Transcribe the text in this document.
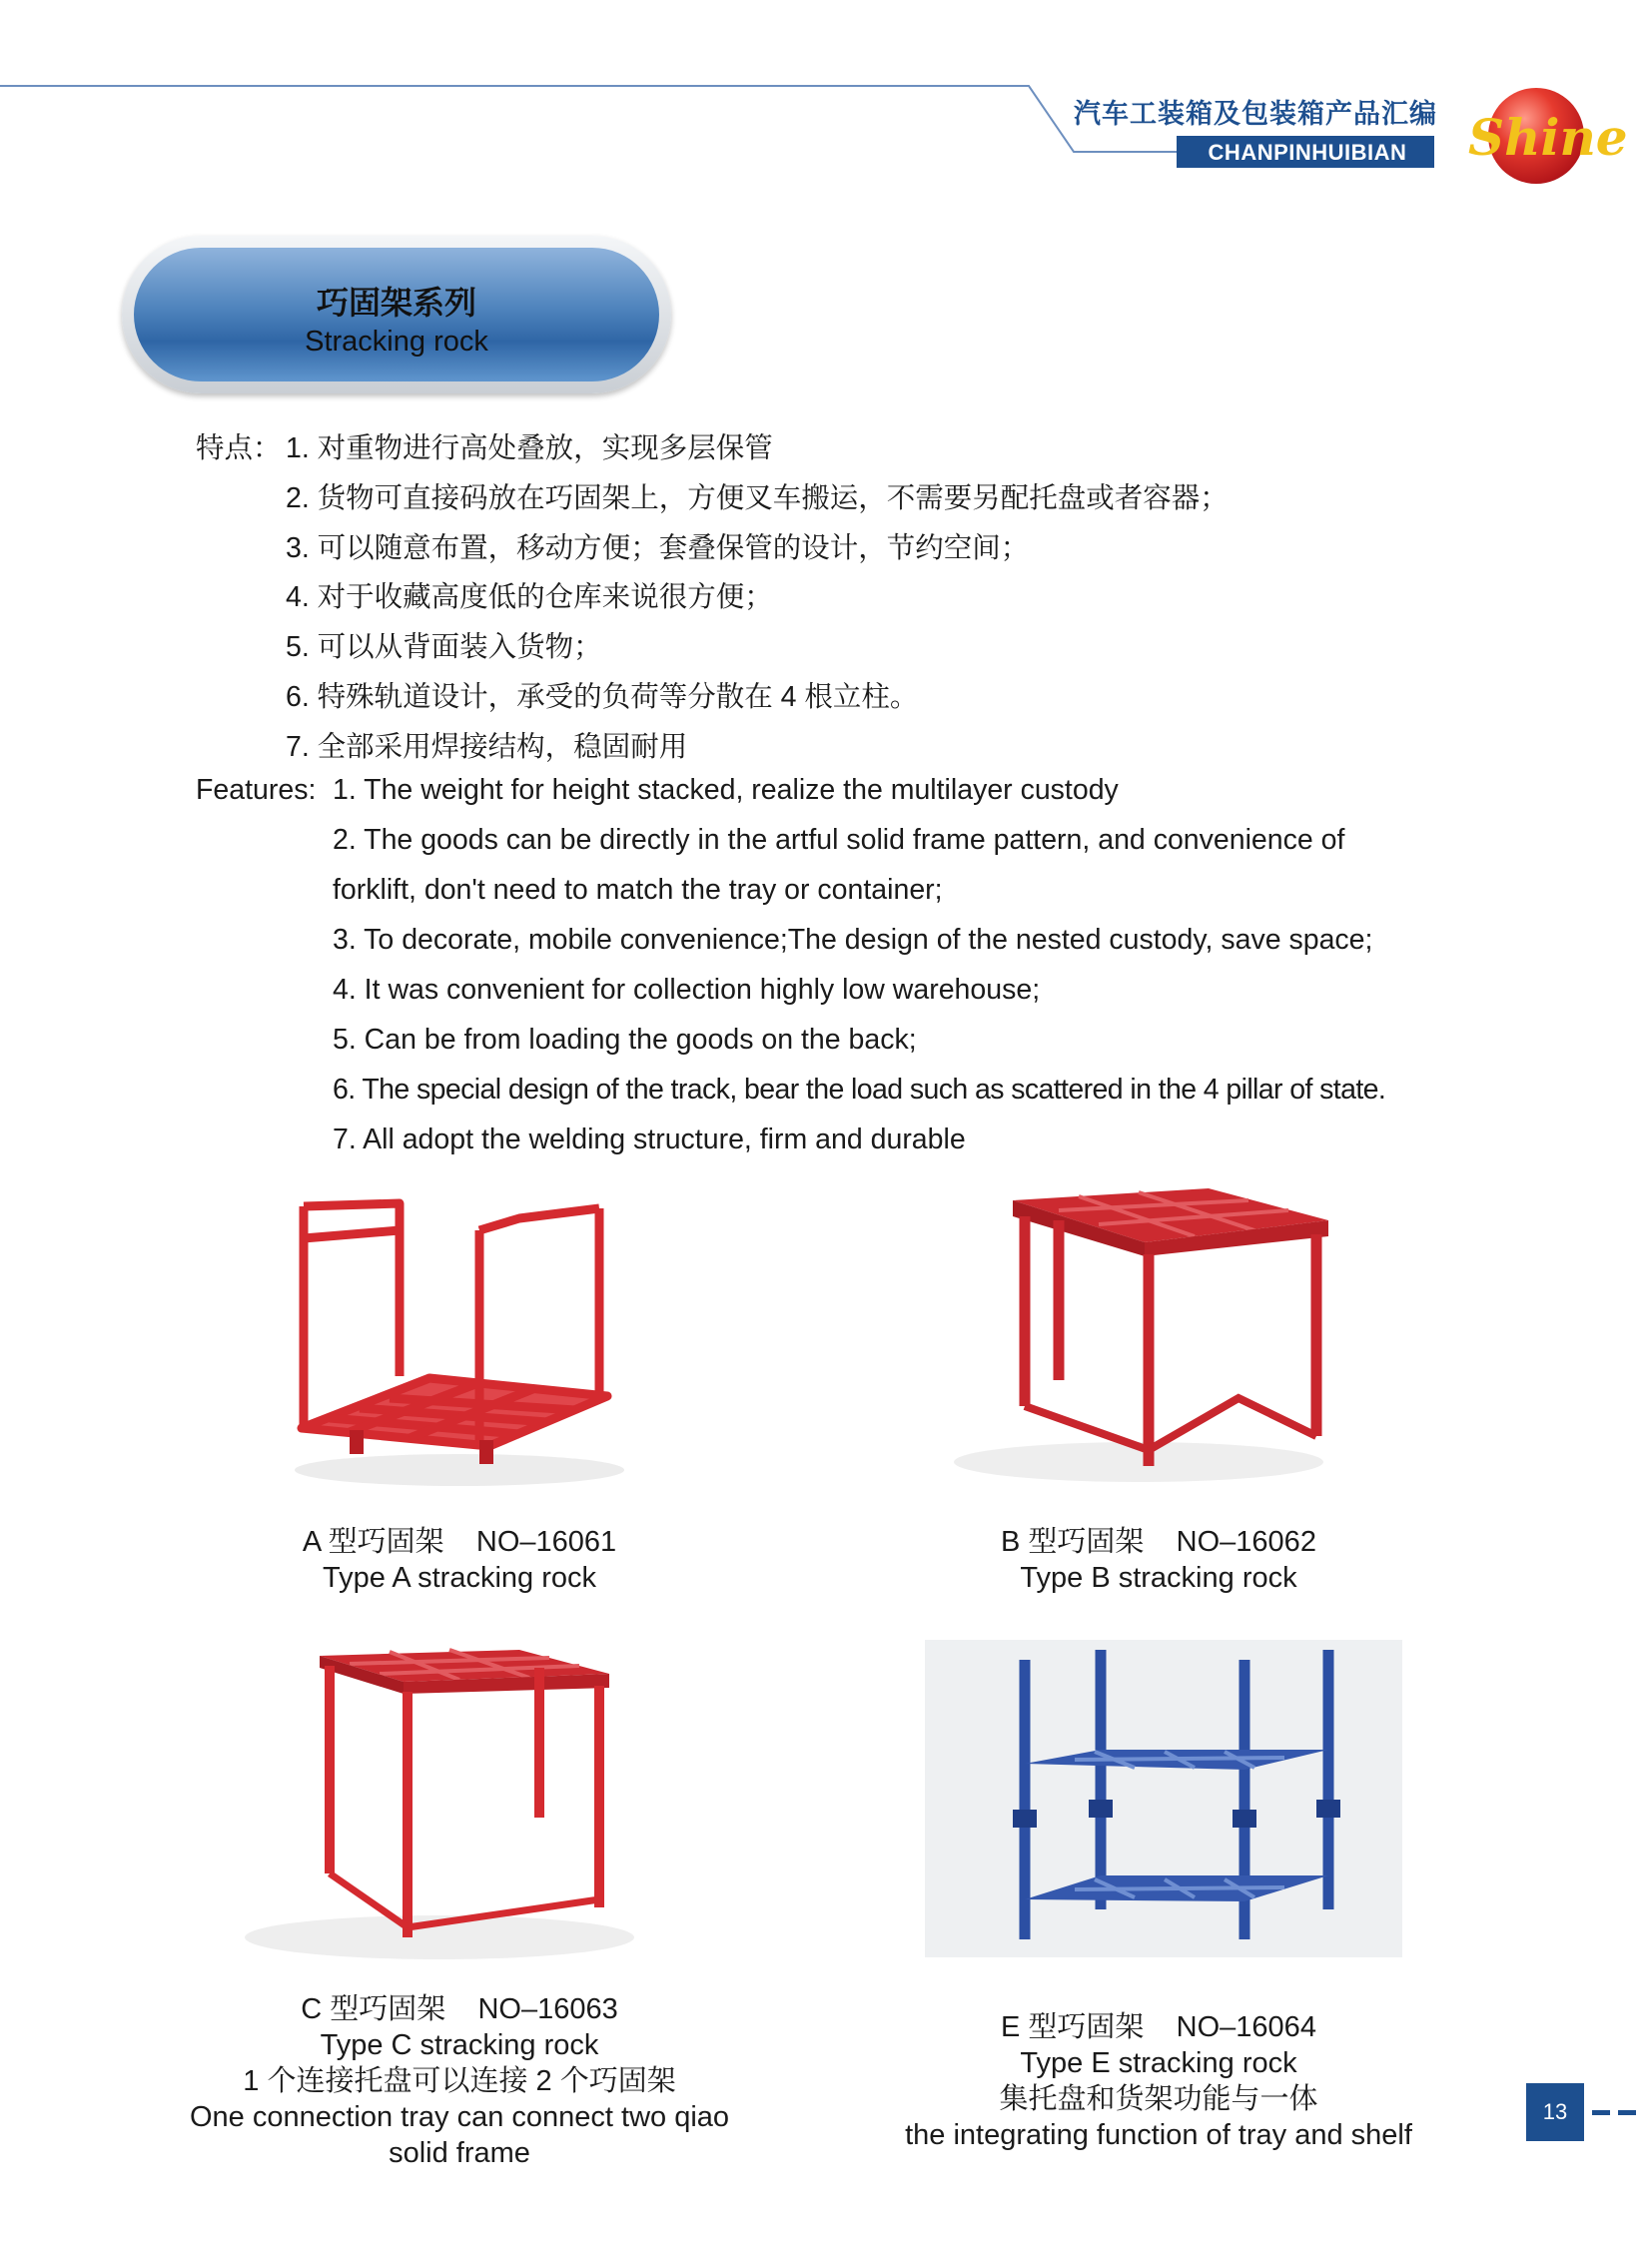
汽车工装箱及包装箱产品汇编
CHANPINHUIBIAN	Shine
巧固架系列
Stracking rock
特点： 1. 对重物进行高处叠放，实现多层保管
2. 货物可直接码放在巧固架上，方便叉车搬运，不需要另配托盘或者容器；
3. 可以随意布置，移动方便；套叠保管的设计，节约空间；
4. 对于收藏高度低的仓库来说很方便；
5. 可以从背面装入货物；
6. 特殊轨道设计，承受的负荷等分散在 4 根立柱。
7. 全部采用焊接结构，稳固耐用
Features: 1. The weight for height stacked, realize the multilayer custody
2. The goods can be directly in the artful solid frame pattern, and convenience of
forklift, don't need to match the tray or container;
3. To decorate, mobile convenience;The design of the nested custody, save space;
4. It was convenient for collection highly low warehouse;
5. Can be from loading the goods on the back;
6. The special design of the track, bear the load such as scattered in the 4 pillar of state.
7. All adopt the welding structure, firm and durable
A 型巧固架 NO–16061
Type A stracking rock
B 型巧固架 NO–16062
Type B stracking rock
C 型巧固架 NO–16063
Type C stracking rock
1 个连接托盘可以连接 2 个巧固架
One connection tray can connect two qiao
solid frame
E 型巧固架 NO–16064
Type E stracking rock
集托盘和货架功能与一体
the integrating function of tray and shelf
13
